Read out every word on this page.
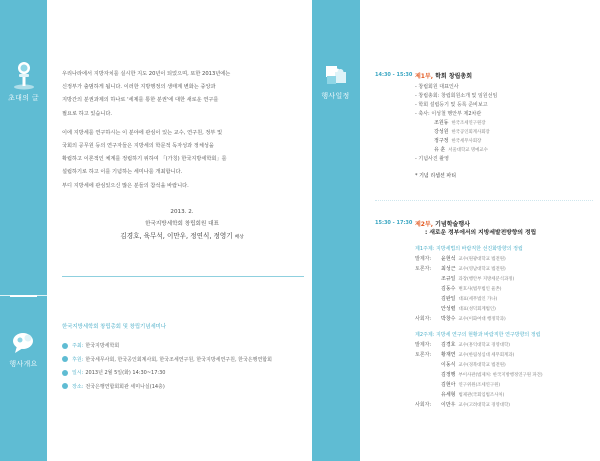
초대의 글
행사개요

우리나라에서 지방자치를 실시한 지도 20년이 되었으며, 또한 2013년에는

신정부가 출범하게 됩니다. 이러한 지방행정의 생태계 변화는 중앙과

지방간의 분권과제의 하나로 '세제를 통한 분권'에 대한 새로운 연구를

필요로 하고 있습니다.

이에 지방세를 연구하시는 이 분야에 관심이 있는 교수, 연구원, 정부 및

국회의 공무원 등의 연구자들은 지방세의 학문적 독자성과 정체성을

확립하고 이론적인 체계를 정립하기 위하여 「(가칭) 한국지방세학회」를

설립하기로 하고 이를 기념하는 세미나를 개최합니다.

부디 지방세에 관심있으신 많은 분들의 참석을 바랍니다.

2013. 2.
한국지방세학회 창립회원 대표
김경호, 육무석, 이만우, 정연식, 정영기 배상
한국지방세학회 창립총회 및 창립기념세미나
주최: 한국지방세학회
후원: 한국세무사회, 한국공인회계사회, 한국조세연구원, 한국지방세연구원, 한국은행연합회
일시: 2013년 2월 5일(화) 14:30~17:30
장소: 전국은행연합회회관 세미나실(14층)
행사일정
14:30 - 15:30 제1부, 학회 창립총회
- 창립회원 대표인사
- 창립총회: 창립회원소개 및 임원선임
- 학회 설립등기 및 등록 준비보고
- 축사: 이성철 행안부 제2차관
조원동 한국조세연구원장
강성원 한국공인회계사회장
정구정 한국세무사회장
유 훈 서울대학교 명예교수
- 기념사진 촬영
* 기념 리셉션 파티
15:30 - 17:30 제2부, 기념학술행사
: 새로운 정부에서의 지방세발전방향의 정립
제1주제: 지방세법의 바람직한 선진화방향의 정립
발제자: 윤현석 교수(원광대학교 법전원)
토론자: 최성근 교수(영남대학교 법전원)
조규일 과장(행안부 지방세분석과정)
김동수 변호사(법무법인 율촌)
김완일 대표(세무법인 가나)
안성렬 대표(성덕회계법인)
사회자: 박창수 교수(이화여대 행정학과)
제2주제: 지방세 연구의 현황과 바람직한 연구방향의 정립
발제자: 김경호 교수(홍익대학교 경영대학)
토론자: 황재연 교수(한림성심대 세무회계과)
이동식 교수(경북대학교 법전원)
김정행 부이사관(법제처: 한국지방행정연구원 파견)
김현아 연구위원(조세연구원)
유세형 법제관(국회입법조사처)
사회자: 이만우 교수(고려대학교 경영대학)
